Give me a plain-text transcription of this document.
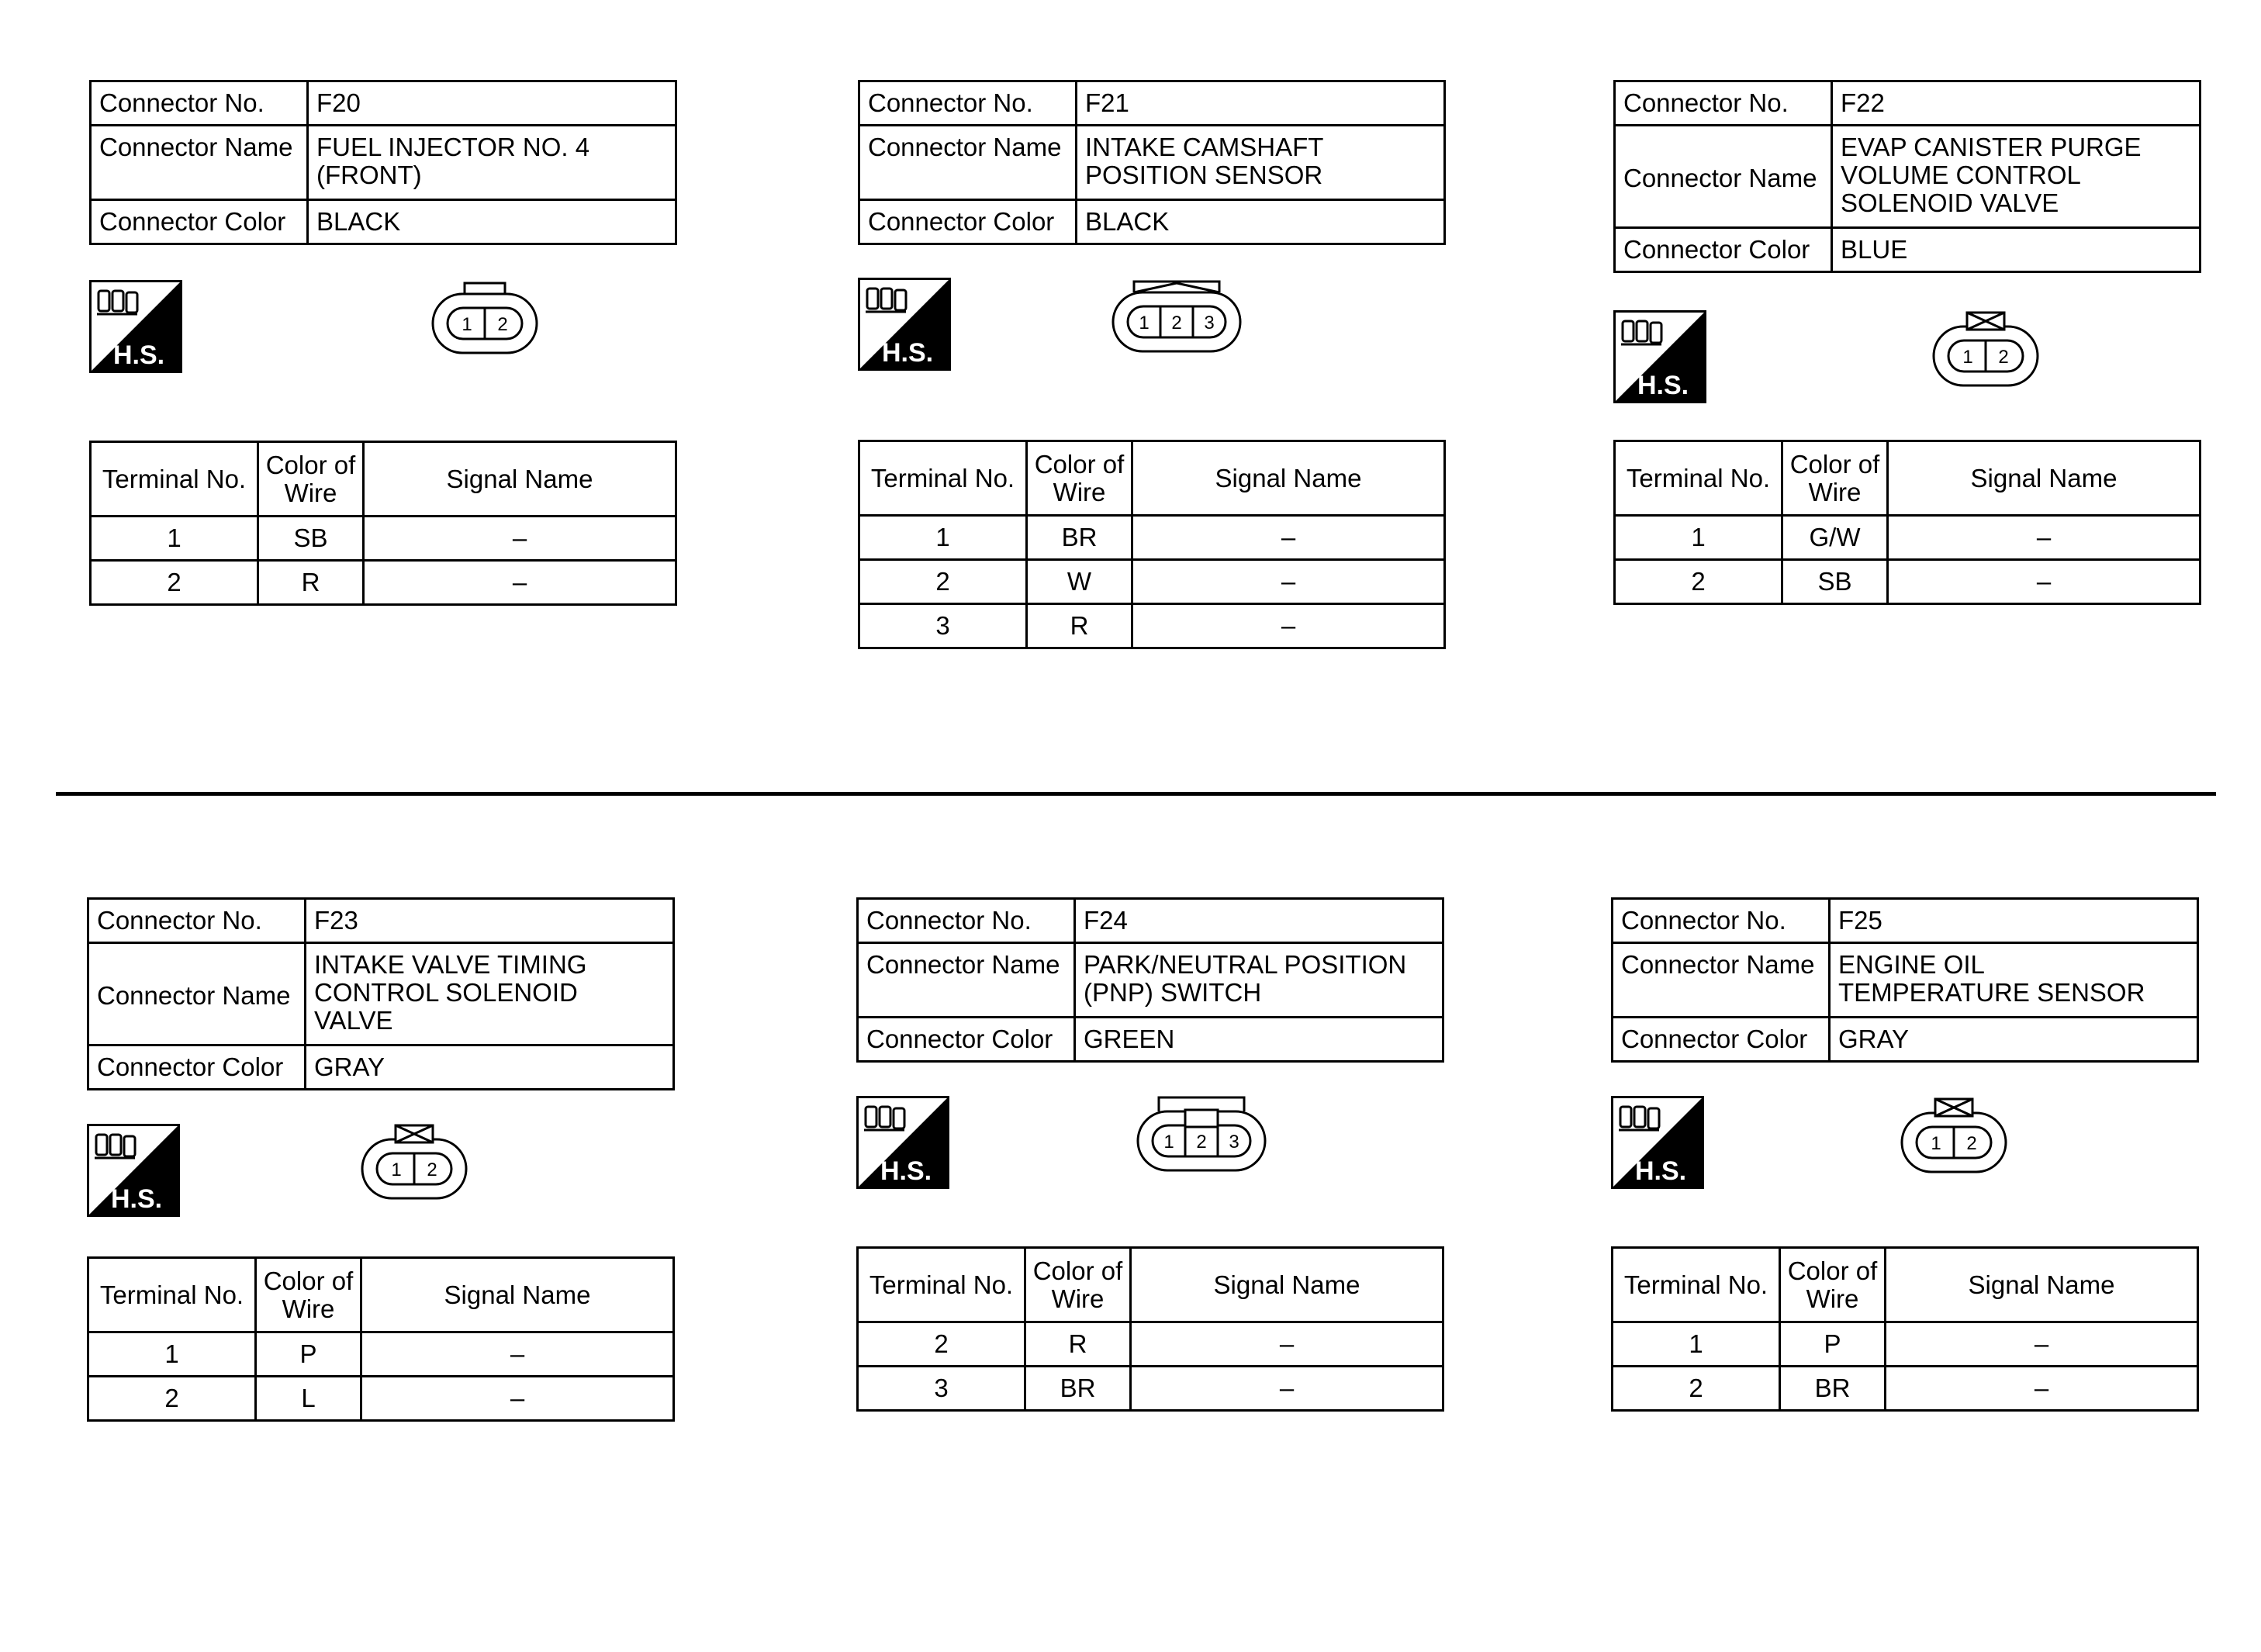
Connector No.	F20
Connector Name	FUEL INJECTOR NO. 4
(FRONT)
Connector Color	BLACK
H.S.
1 2
Terminal No.	Color of
Wire	Signal Name
1	SB	–
2	R	–
Connector No.	F21
Connector Name	INTAKE CAMSHAFT
POSITION SENSOR
Connector Color	BLACK
H.S.
1 2 3
Terminal No.	Color of
Wire	Signal Name
1	BR	–
2	W	–
3	R	–
Connector No.	F22
Connector Name	EVAP CANISTER PURGE
VOLUME CONTROL
SOLENOID VALVE
Connector Color	BLUE
H.S.
1 2
Terminal No.	Color of
Wire	Signal Name
1	G/W	–
2	SB	–
Connector No.	F23
Connector Name	INTAKE VALVE TIMING
CONTROL SOLENOID
VALVE
Connector Color	GRAY
H.S.
1 2
Terminal No.	Color of
Wire	Signal Name
1	P	–
2	L	–
Connector No.	F24
Connector Name	PARK/NEUTRAL POSITION
(PNP) SWITCH
Connector Color	GREEN
H.S.
1 2 3
Terminal No.	Color of
Wire	Signal Name
2	R	–
3	BR	–
Connector No.	F25
Connector Name	ENGINE OIL
TEMPERATURE SENSOR
Connector Color	GRAY
H.S.
1 2
Terminal No.	Color of
Wire	Signal Name
1	P	–
2	BR	–
